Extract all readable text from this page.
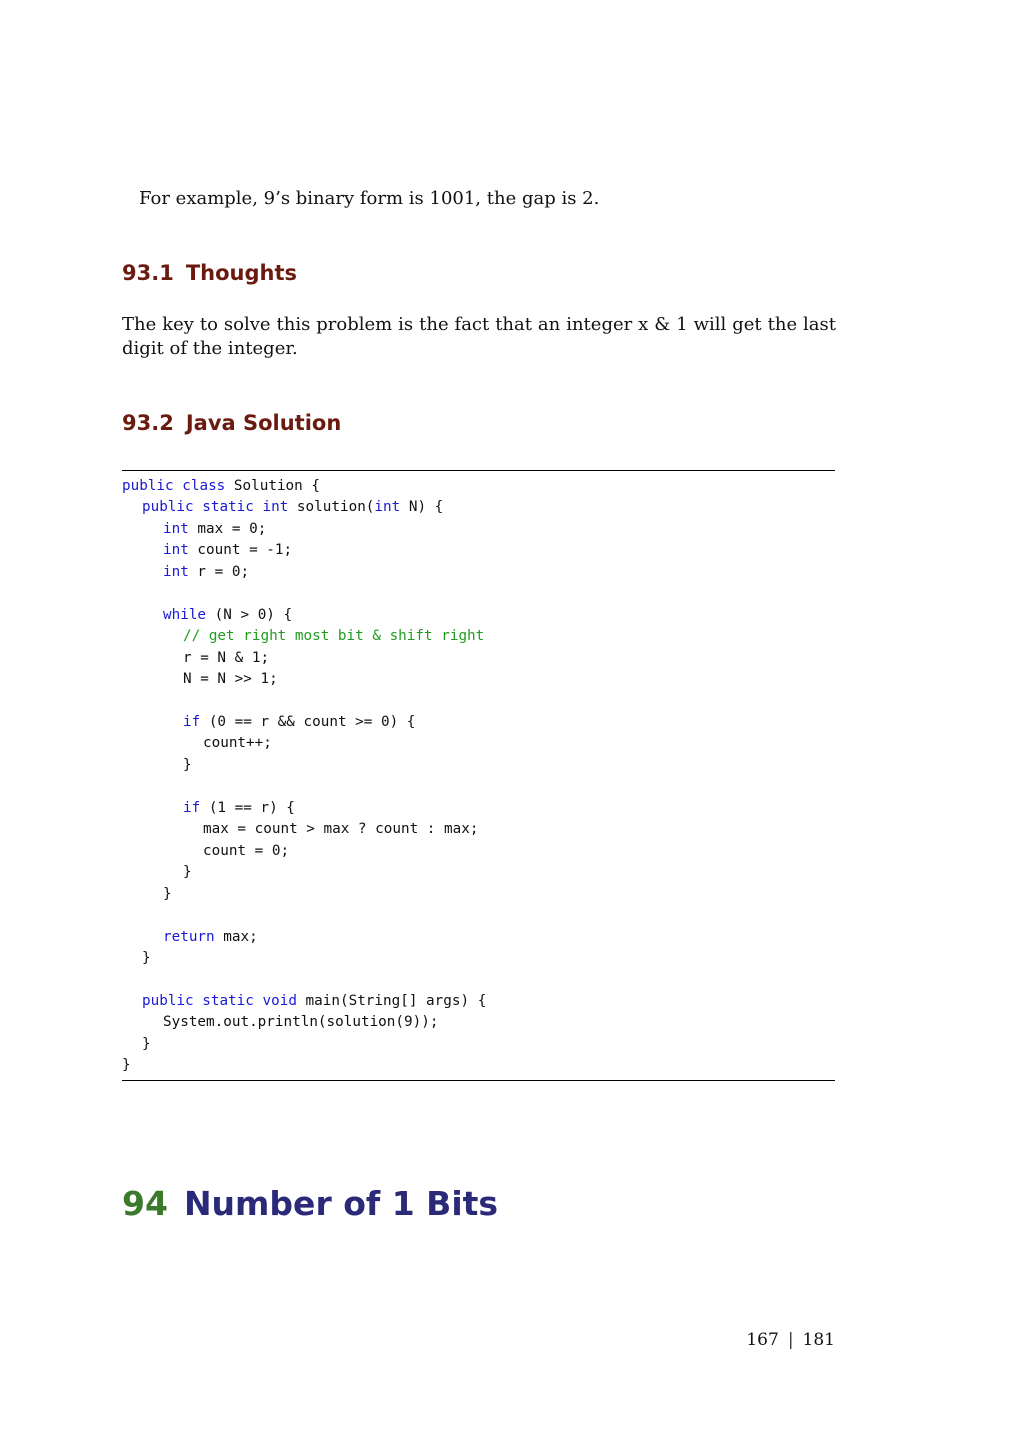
For example, 9’s binary form is 1001, the gap is 2.
93.1 Thoughts
The key to solve this problem is the fact that an integer x & 1 will get the last digit of the integer.
93.2 Java Solution
public class Solution {
public static int solution(int N) {
int max = 0;
int count = -1;
int r = 0;
while (N > 0) {
// get right most bit & shift right
r = N & 1;
N = N >> 1;
if (0 == r && count >= 0) {
count++;
}
if (1 == r) {
max = count > max ? count : max;
count = 0;
}
}
return max;
}
public static void main(String[] args) {
System.out.println(solution(9));
}
}
94 Number of 1 Bits
167 | 181
